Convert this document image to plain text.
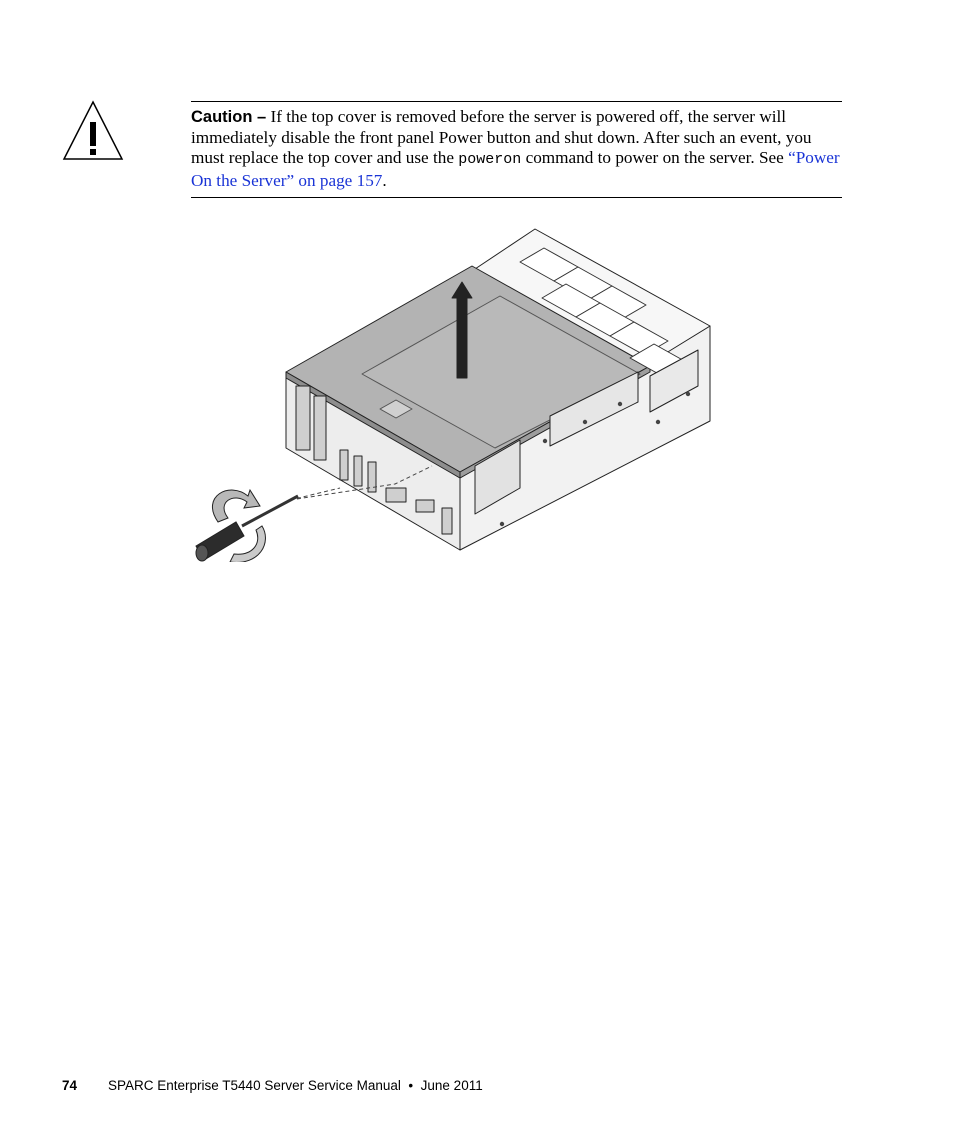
Caution – If the top cover is removed before the server is powered off, the server will immediately disable the front panel Power button and shut down. After such an event, you must replace the top cover and use the poweron command to power on the server. See “Power On the Server” on page 157.
74 SPARC Enterprise T5440 Server Service Manual • June 2011
